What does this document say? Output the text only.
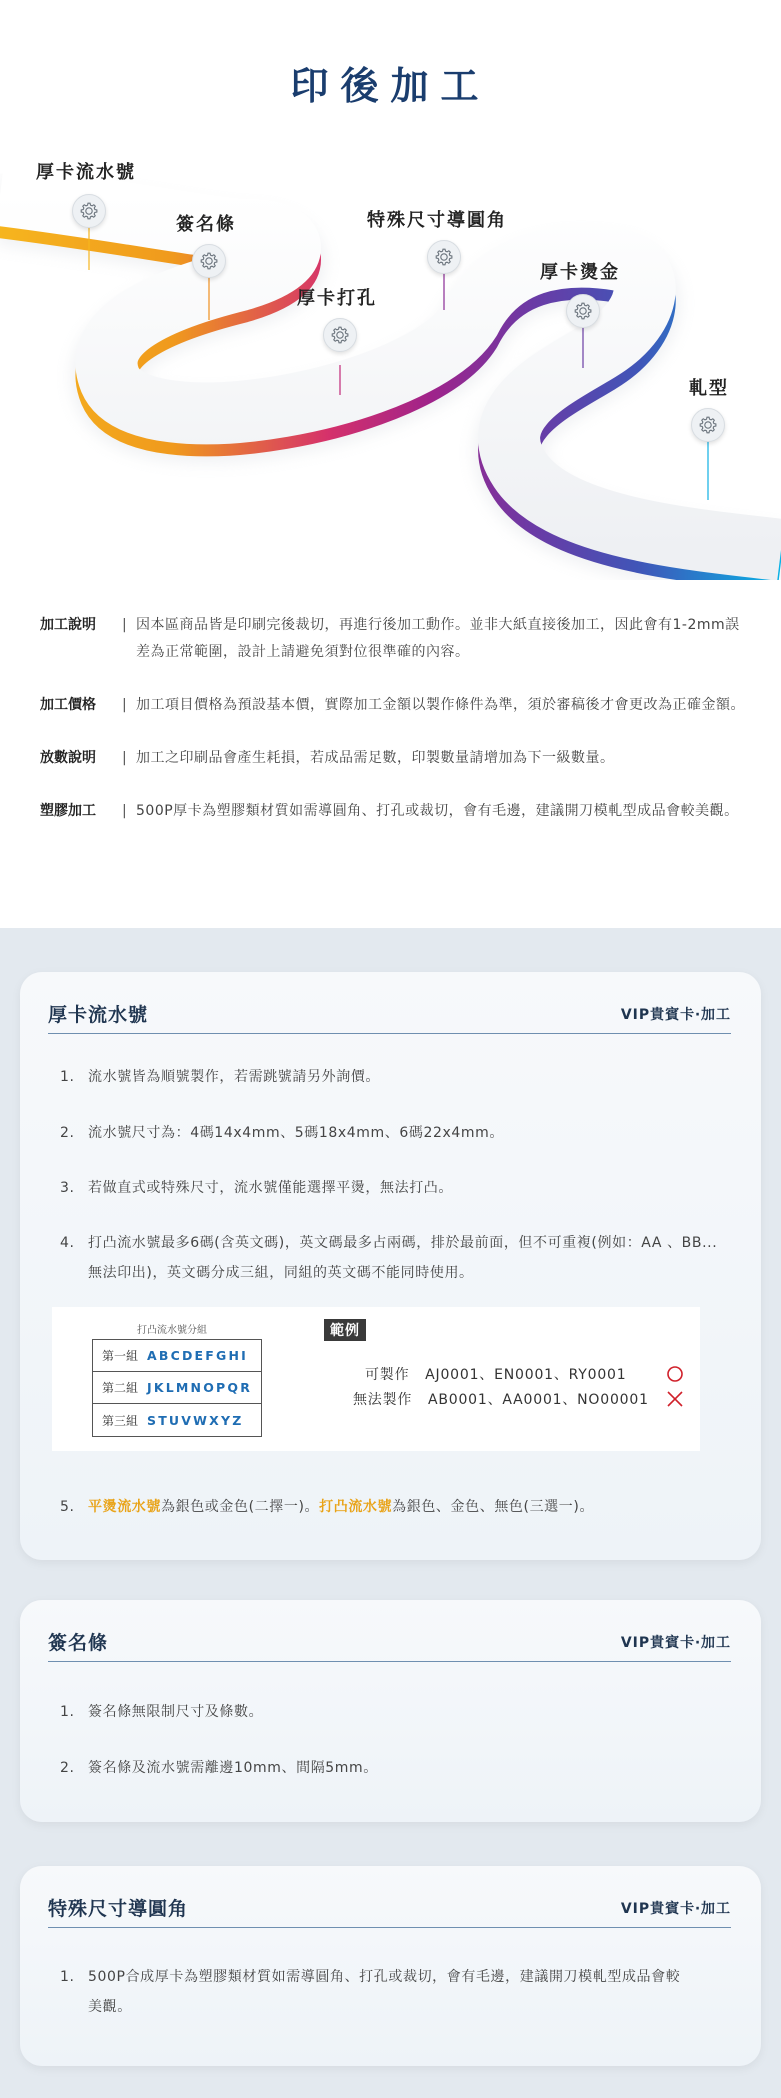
印後加工
厚卡流水號
簽名條	特殊尺寸導圓角
厚卡打孔
厚卡燙金
軋型
加工說明	| 因本區商品皆是印刷完後裁切，再進行後加工動作。並非大紙直接後加工，因此會有1-2mm誤差為正常範圍，設計上請避免須對位很準確的內容。
加工價格	| 加工項目價格為預設基本價，實際加工金額以製作條件為準，須於審稿後才會更改為正確金額。
放數說明	| 加工之印刷品會產生耗損，若成品需足數，印製數量請增加為下一級數量。
塑膠加工	| 500P厚卡為塑膠類材質如需導圓角、打孔或裁切，會有毛邊，建議開刀模軋型成品會較美觀。
厚卡流水號	VIP貴賓卡‧加工
1. 流水號皆為順號製作，若需跳號請另外詢價。
2. 流水號尺寸為：4碼14x4mm、5碼18x4mm、6碼22x4mm。
3. 若做直式或特殊尺寸，流水號僅能選擇平燙，無法打凸。
4. 打凸流水號最多6碼(含英文碼)，英文碼最多占兩碼，排於最前面，但不可重複(例如：AA 、BB... 無法印出)，英文碼分成三組，同組的英文碼不能同時使用。
5. 平燙流水號為銀色或金色(二擇一)。打凸流水號為銀色、金色、無色(三選一)。
打凸流水號分組
第一組 ABCDEFGHI
第二組 JKLMNOPQR
第三組 STUVWXYZ
範例
可製作 AJ0001、EN0001、RY0001
無法製作 AB0001、AA0001、NO00001
簽名條	VIP貴賓卡‧加工
1. 簽名條無限制尺寸及條數。
2. 簽名條及流水號需離邊10mm、間隔5mm。
特殊尺寸導圓角	VIP貴賓卡‧加工
1. 500P合成厚卡為塑膠類材質如需導圓角、打孔或裁切，會有毛邊，建議開刀模軋型成品會較美觀。
